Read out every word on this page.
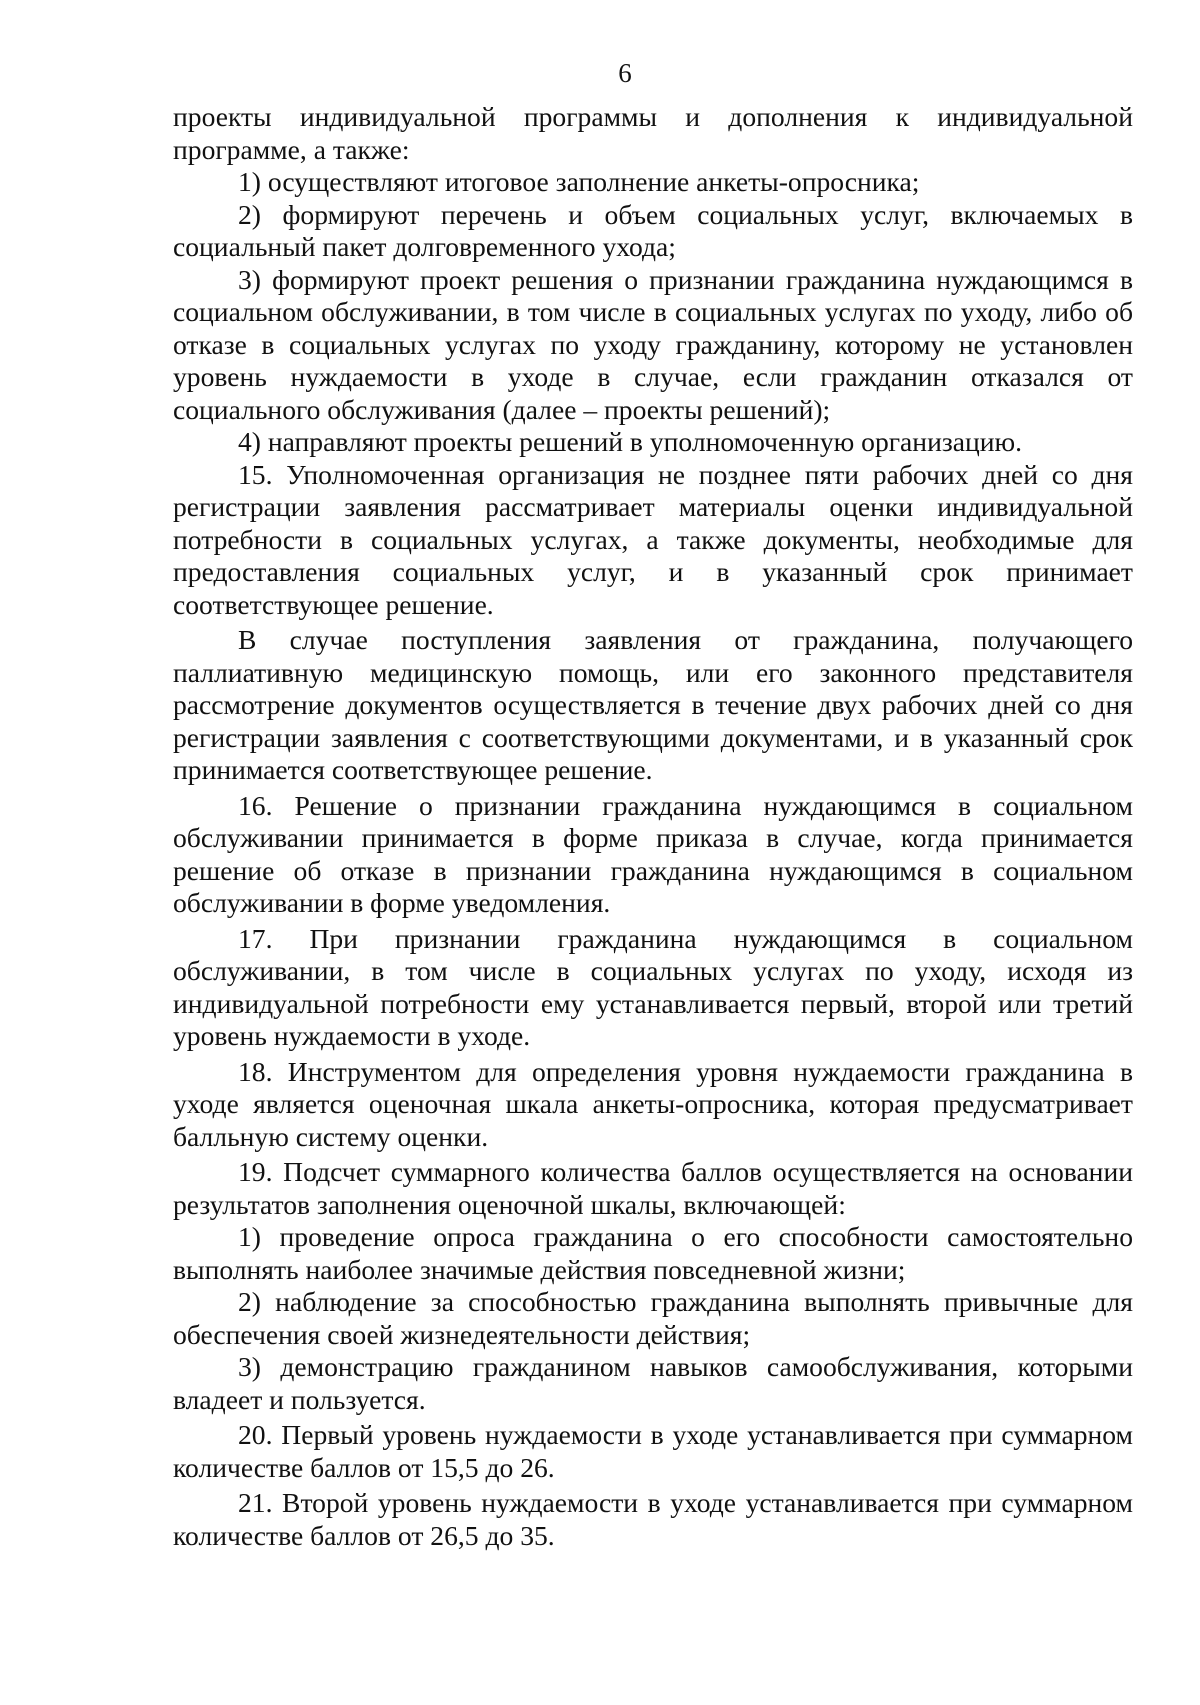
6

проекты индивидуальной программы и дополнения к индивидуальной программе, а также:

1) осуществляют итоговое заполнение анкеты-опросника;

2) формируют перечень и объем социальных услуг, включаемых в социальный пакет долговременного ухода;

3) формируют проект решения о признании гражданина нуждающимся в социальном обслуживании, в том числе в социальных услугах по уходу, либо об отказе в социальных услугах по уходу гражданину, которому не установлен уровень нуждаемости в уходе в случае, если гражданин отказался от социального обслуживания (далее – проекты решений);

4) направляют проекты решений в уполномоченную организацию.

15. Уполномоченная организация не позднее пяти рабочих дней со дня регистрации заявления рассматривает материалы оценки индивидуальной потребности в социальных услугах, а также документы, необходимые для предоставления социальных услуг, и в указанный срок принимает соответствующее решение.

В случае поступления заявления от гражданина, получающего паллиативную медицинскую помощь, или его законного представителя рассмотрение документов осуществляется в течение двух рабочих дней со дня регистрации заявления с соответствующими документами, и в указанный срок принимается соответствующее решение.

16. Решение о признании гражданина нуждающимся в социальном обслуживании принимается в форме приказа в случае, когда принимается решение об отказе в признании гражданина нуждающимся в социальном обслуживании в форме уведомления.

17. При признании гражданина нуждающимся в социальном обслуживании, в том числе в социальных услугах по уходу, исходя из индивидуальной потребности ему устанавливается первый, второй или третий уровень нуждаемости в уходе.

18. Инструментом для определения уровня нуждаемости гражданина в уходе является оценочная шкала анкеты-опросника, которая предусматривает балльную систему оценки.

19. Подсчет суммарного количества баллов осуществляется на основании результатов заполнения оценочной шкалы, включающей:

1) проведение опроса гражданина о его способности самостоятельно выполнять наиболее значимые действия повседневной жизни;

2) наблюдение за способностью гражданина выполнять привычные для обеспечения своей жизнедеятельности действия;

3) демонстрацию гражданином навыков самообслуживания, которыми владеет и пользуется.

20. Первый уровень нуждаемости в уходе устанавливается при суммарном количестве баллов от 15,5 до 26.

21. Второй уровень нуждаемости в уходе устанавливается при суммарном количестве баллов от 26,5 до 35.
